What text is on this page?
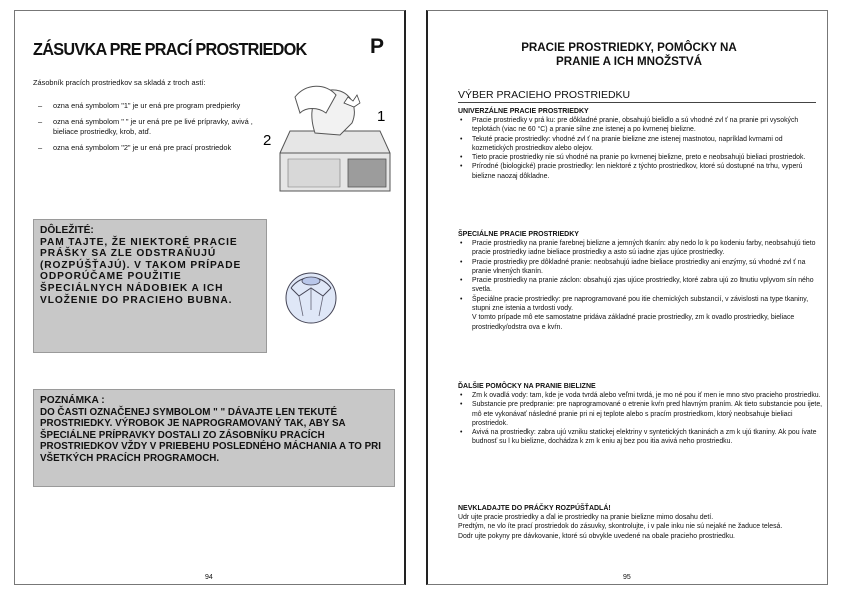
ZÁSUVKA PRE PRACÍ PROSTRIEDOK	P
Zásobník pracích prostriedkov sa skladá z troch astí:
– ozna ená symbolom "1" je ur ená pre program predpierky
– ozna ená symbolom " " je ur ená pre pe livé prípravky, avivá , bieliace prostriedky, krob, atď.
– ozna ená symbolom "2" je ur ená pre prací prostriedok
1
2
DÔLEŽITÉ:
PAM TAJTE, ŽE NIEKTORÉ PRACIE PRÁŠKY SA ZLE ODSTRAŇUJÚ (ROZPÚŠŤAJÚ). V TAKOM PRÍPADE ODPORÚČAME POUŽITIE ŠPECIÁLNYCH NÁDOBIEK A ICH VLOŽENIE DO PRACIEHO BUBNA.
POZNÁMKA :
DO ČASTI OZNAČENEJ SYMBOLOM " " DÁVAJTE LEN TEKUTÉ PROSTRIEDKY. VÝROBOK JE NAPROGRAMOVANÝ TAK, ABY SA ŠPECIÁLNE PRÍPRAVKY DOSTALI ZO ZÁSOBNÍKU PRACÍCH PROSTRIEDKOV VŽDY V PRIEBEHU POSLEDNÉHO MÁCHANIA A TO PRI VŠETKÝCH PRACÍCH PROGRAMOCH.
94
PRACIE PROSTRIEDKY, POMÔCKY NA
PRANIE A ICH MNOŽSTVÁ
VÝBER PRACIEHO PROSTRIEDKU
UNIVERZÁLNE PRACIE PROSTRIEDKY
• Pracie prostriedky v prá ku: pre dôkladné pranie, obsahujú bielidlo a sú vhodné zvl ť na pranie pri vysokých teplotách (viac ne 60 °C) a pranie silne zne istenej a po kvrnenej bielizne.
• Tekuté pracie prostriedky: vhodné zvl ť na pranie bielizne zne istenej mastnotou, napríklad kvrnami od kozmetických prostriedkov alebo olejov.
• Tieto pracie prostriedky nie sú vhodné na pranie po kvrnenej bielizne, preto e neobsahujú bieliaci prostriedok.
• Prírodné (biologické) pracie prostriedky: len niektoré z týchto prostriedkov, ktoré sú dostupné na trhu, vyperú bielizne naozaj dôkladne.
ŠPECIÁLNE PRACIE PROSTRIEDKY
• Pracie prostriedky na pranie farebnej bielizne a jemných tkanín: aby nedo lo k po kodeniu farby, neobsahujú tieto pracie prostriedky iadne bieliace prostriedky a asto sú iadne zjas ujúce prostriedky.
• Pracie prostriedky pre dôkladné pranie: neobsahujú iadne bieliace prostriedky ani enzýmy, sú vhodné zvl ť na pranie vlnených tkanín.
• Pracie prostriedky na pranie záclon: obsahujú zjas ujúce prostriedky, ktoré zabra ujú zo ltnutiu vplyvom sín ného svetla.
• Špeciálne pracie prostriedky: pre naprogramované pou itie chemických substancií, v závislosti na type tkaniny, stupni zne istenia a tvrdosti vody.

V tomto prípade mô ete samostatne pridáva základné pracie prostriedky, zm k ovadlo prostriedky, bieliace prostriedky/odstra ova e kvŕn.

ĎALŠIE POMÔCKY NA PRANIE BIELIZNE
• Zm k ovadlá vody: tam, kde je voda tvrdá alebo veľmi tvrdá, je mo né pou iť men ie mno stvo pracieho prostriedku.
• Substancie pre predpranie: pre naprogramované o etrenie kvŕn pred hlavným praním. Ak tieto substancie pou ijete, mô ete vykonávať následné pranie pri ni ej teplote alebo s pracím prostriedkom, ktorý neobsahuje bieliaci prostriedok.
• Avivá na prostriedky: zabra ujú vzniku statickej elektriny v syntetických tkaninách a zm k ujú tkaniny. Ak pou ívate budnosť su l ku bielizne, dochádza k zm k eniu aj bez pou itia avivá neho prostriedku.
NEVKLADAJTE DO PRÁČKY ROZPÚŠŤADLÁ!
Udr ujte pracie prostriedky a ďal ie prostriedky na pranie bielizne mimo dosahu detí.
Predtým, ne vlo íte prací prostriedok do zásuvky, skontrolujte, i v pale inku nie sú nejaké ne žaduce telesá.
Dodr ujte pokyny pre dávkovanie, ktoré sú obvykle uvedené na obale pracieho prostriedku.
95
